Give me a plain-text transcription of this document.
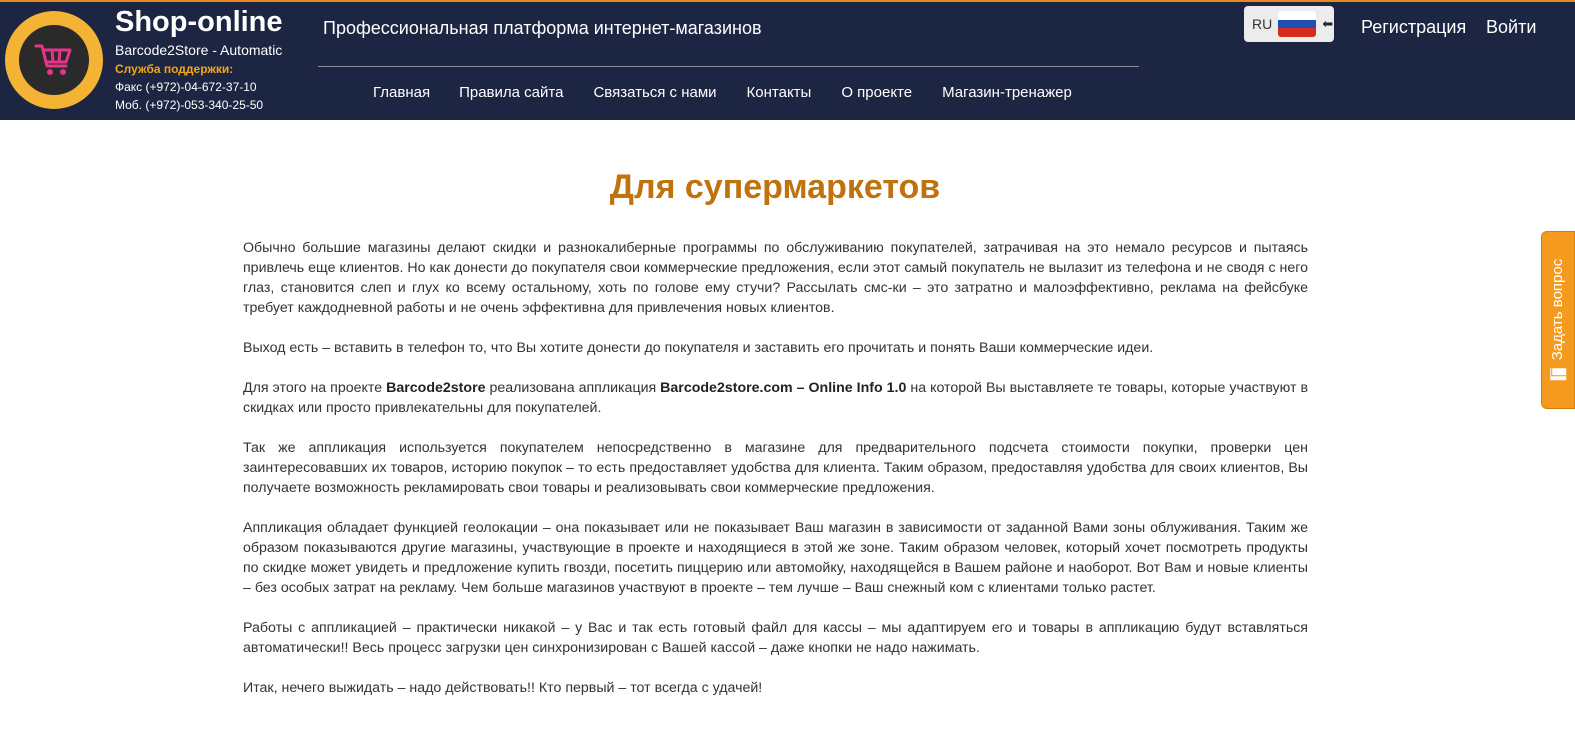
Shop-online
Barcode2Store - Automatic
Служба поддержки:
Факс (+972)-04-672-37-10
Моб. (+972)-053-340-25-50
Профессиональная платформа интернет-магазинов
Главная Правила сайта Связаться с нами Контакты О проекте Магазин-тренажер
RU	⬅ Регистрация Войти
Для супермаркетов

Обычно большие магазины делают скидки и разнокалиберные программы по обслуживанию покупателей, затрачивая на это немало ресурсов и пытаясь привлечь еще клиентов. Но как донести до покупателя свои коммерческие предложения, если этот самый покупатель не вылазит из телефона и не сводя с него глаз, становится слеп и глух ко всему остальному, хоть по голове ему стучи? Рассылать смс-ки – это затратно и малоэффективно, реклама на фейсбуке требует каждодневной работы и не очень эффективна для привлечения новых клиентов.

Выход есть – вставить в телефон то, что Вы хотите донести до покупателя и заставить его прочитать и понять Ваши коммерческие идеи.

Для этого на проекте Barcode2store реализована аппликация Barcode2store.com – Online Info 1.0 на которой Вы выставляете те товары, которые участвуют в скидках или просто привлекательны для покупателей.

Так же аппликация используется покупателем непосредственно в магазине для предварительного подсчета стоимости покупки, проверки цен заинтересовавших их товаров, историю покупок – то есть предоставляет удобства для клиента. Таким образом, предоставляя удобства для своих клиентов, Вы получаете возможность рекламировать свои товары и реализовывать свои коммерческие предложения.

Аппликация обладает функцией геолокации – она показывает или не показывает Ваш магазин в зависимости от заданной Вами зоны облуживания. Таким же образом показываются другие магазины, участвующие в проекте и находящиеся в этой же зоне. Таким образом человек, который хочет посмотреть продукты по скидке может увидеть и предложение купить гвозди, посетить пиццерию или автомойку, находящейся в Вашем районе и наоборот. Вот Вам и новые клиенты – без особых затрат на рекламу. Чем больше магазинов участвуют в проекте – тем лучше – Ваш снежный ком с клиентами только растет.

Работы с аппликацией – практически никакой – у Вас и так есть готовый файл для кассы – мы адаптируем его и товары в аппликацию будут вставляться автоматически!! Весь процесс загрузки цен синхронизирован с Вашей кассой – даже кнопки не надо нажимать.

Итак, нечего выжидать – надо действовать!! Кто первый – тот всегда с удачей!

Задать вопрос
